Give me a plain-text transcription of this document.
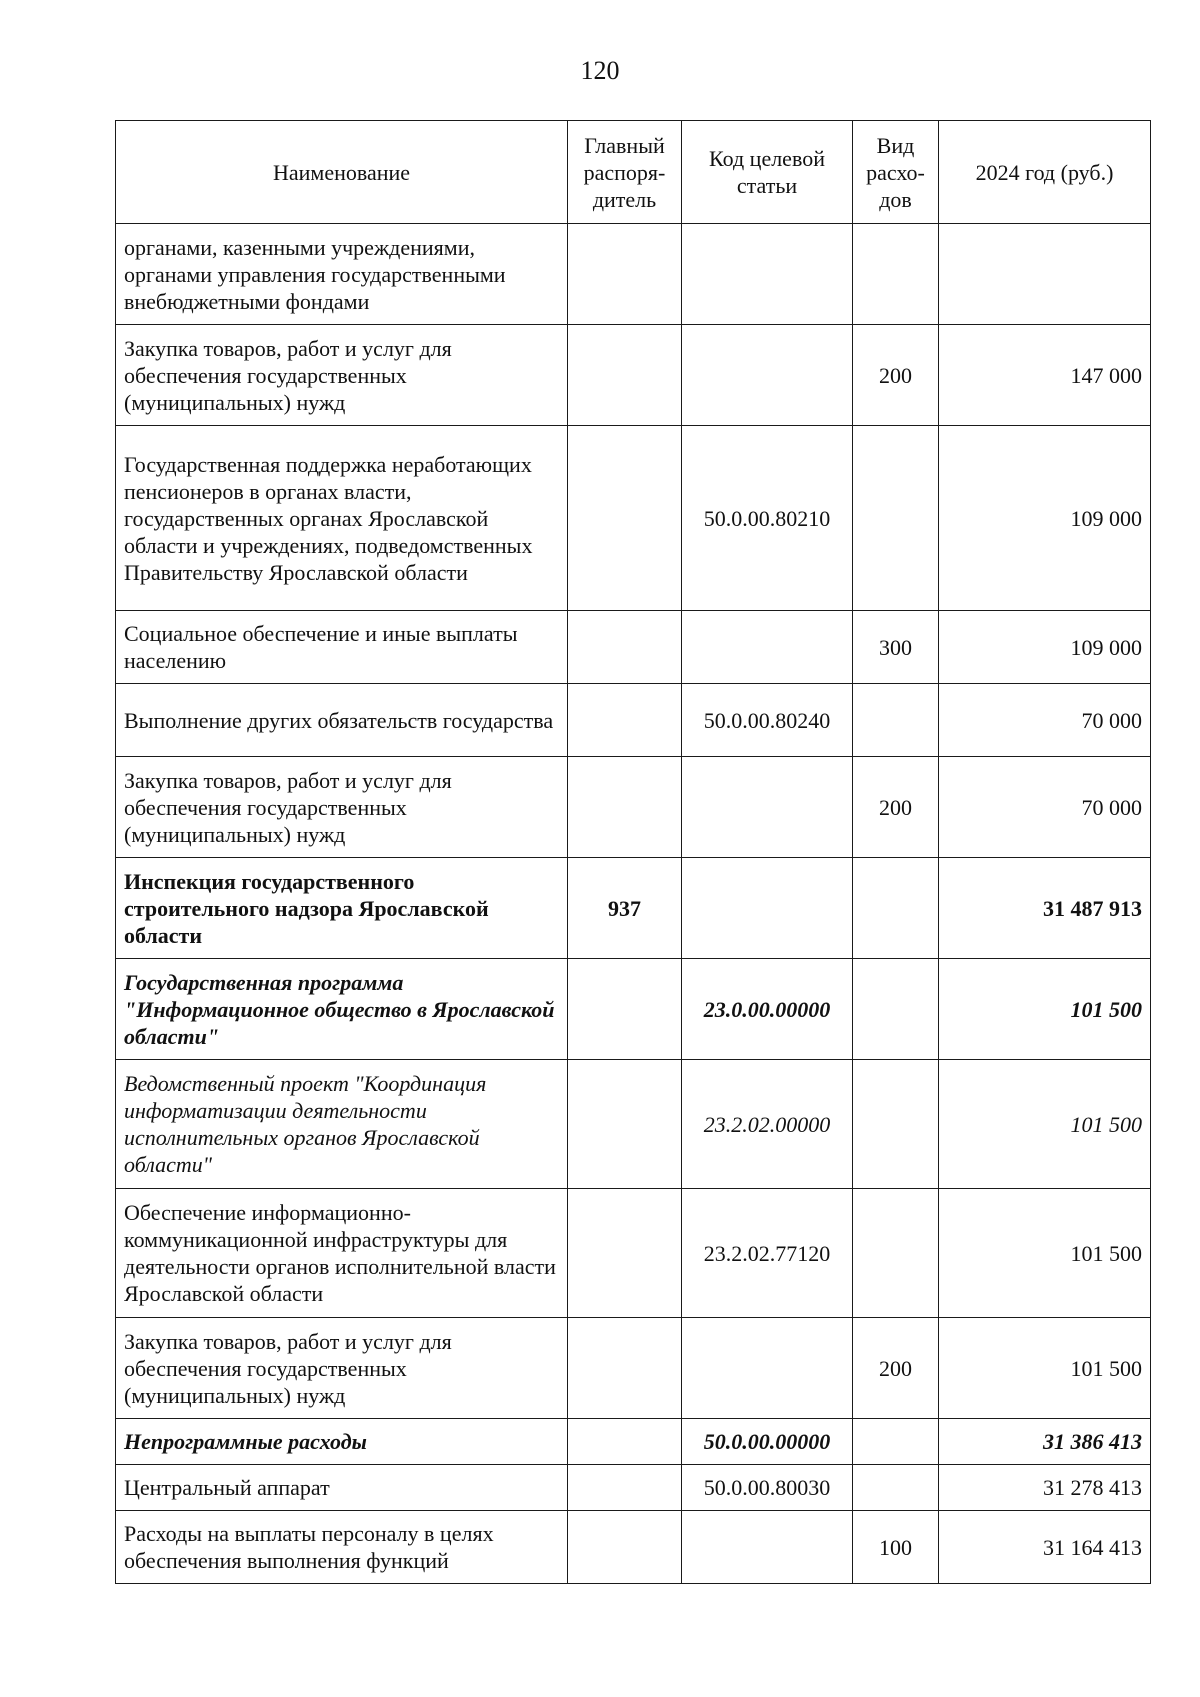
120
Наименование	Главный распоря-дитель	Код целевой статьи	Вид расхо-дов	2024 год (руб.)
органами, казенными учреждениями, органами управления государственными внебюджетными фондами				
Закупка товаров, работ и услуг для обеспечения государственных (муниципальных) нужд			200	147 000
Государственная поддержка неработающих пенсионеров в органах власти, государственных органах Ярославской области и учреждениях, подведомственных Правительству Ярославской области		50.0.00.80210		109 000
Социальное обеспечение и иные выплаты населению			300	109 000
Выполнение других обязательств государства		50.0.00.80240		70 000
Закупка товаров, работ и услуг для обеспечения государственных (муниципальных) нужд			200	70 000
Инспекция государственного строительного надзора Ярославской области	937			31 487 913
Государственная программа "Информационное общество в Ярославской области"		23.0.00.00000		101 500
Ведомственный проект "Координация информатизации деятельности исполнительных органов Ярославской области"		23.2.02.00000		101 500
Обеспечение информационно-коммуникационной инфраструктуры для деятельности органов исполнительной власти Ярославской области		23.2.02.77120		101 500
Закупка товаров, работ и услуг для обеспечения государственных (муниципальных) нужд			200	101 500
Непрограммные расходы		50.0.00.00000		31 386 413
Центральный аппарат		50.0.00.80030		31 278 413
Расходы на выплаты персоналу в целях обеспечения выполнения функций			100	31 164 413
